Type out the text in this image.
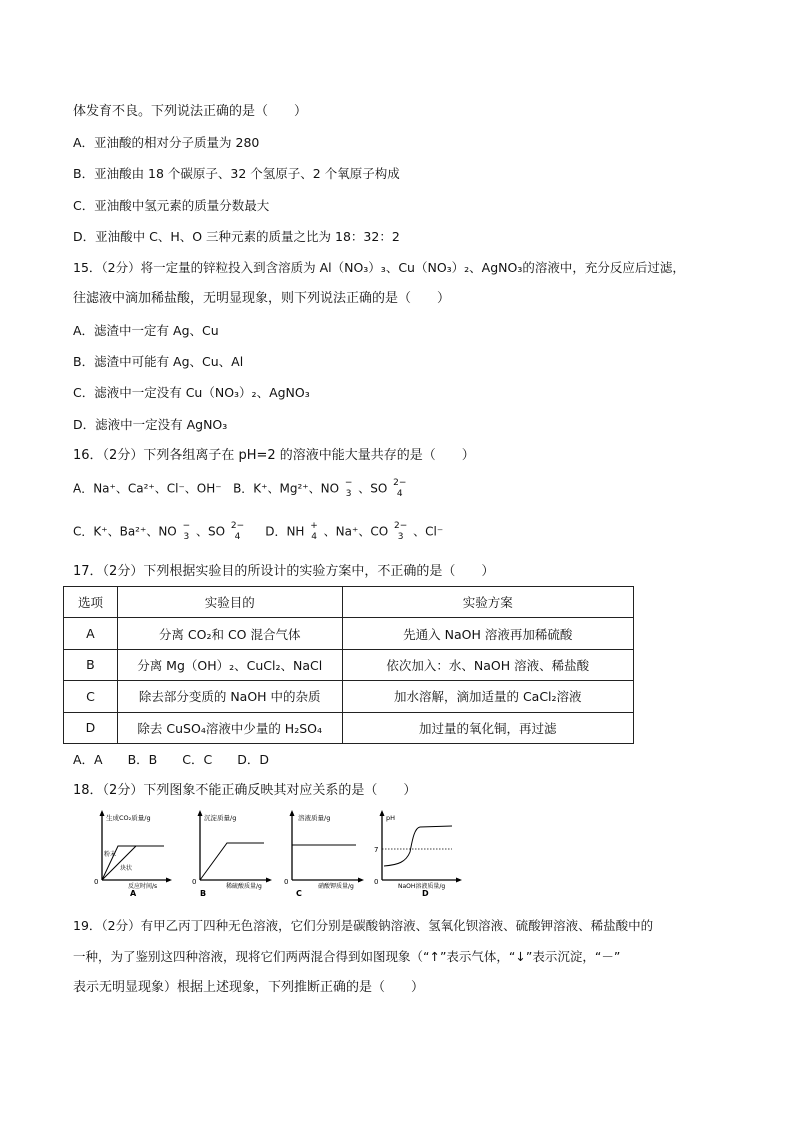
体发育不良。下列说法正确的是（　　）
A．亚油酸的相对分子质量为 280
B．亚油酸由 18 个碳原子、32 个氢原子、2 个氧原子构成
C．亚油酸中氢元素的质量分数最大
D．亚油酸中 C、H、O 三种元素的质量之比为 18：32：2
15．（2分）将一定量的锌粒投入到含溶质为 Al（NO₃）₃、Cu（NO₃）₂、AgNO₃的溶液中，充分反应后过滤，
往滤液中滴加稀盐酸，无明显现象，则下列说法正确的是（　　）
A．滤渣中一定有 Ag、Cu
B．滤渣中可能有 Ag、Cu、Al
C．滤液中一定没有 Cu（NO₃）₂、AgNO₃
D．滤液中一定没有 AgNO₃
16．（2分）下列各组离子在 pH=2 的溶液中能大量共存的是（　　）
A．Na⁺、Ca²⁺、Cl⁻、OH⁻ B．K⁺、Mg²⁺、NO −
3 、SO 2−
4
C．K⁺、Ba²⁺、NO −
3 、SO 2−
4	D．NH +
4 、Na⁺、CO 2−
3 、Cl⁻
17．（2分）下列根据实验目的所设计的实验方案中，不正确的是（　　）
选项	实验目的	实验方案
A	分离 CO₂和 CO 混合气体	先通入 NaOH 溶液再加稀硫酸
B	分离 Mg（OH）₂、CuCl₂、NaCl	依次加入：水、NaOH 溶液、稀盐酸
C	除去部分变质的 NaOH 中的杂质	加水溶解，滴加适量的 CaCl₂溶液
D	除去 CuSO₄溶液中少量的 H₂SO₄	加过量的氧化铜，再过滤
A．A　　B．B　　C．C　　D．D
18．（2分）下列图象不能正确反映其对应关系的是（　　）
生成CO₂质量/g
粉末
块状
0
反应时间/s
A
沉淀质量/g
0
稀硫酸质量/g
B
溶液质量/g
0
硝酸钾质量/g
C
pH
7
0
NaOH溶液质量/g
D
19．（2分）有甲乙丙丁四种无色溶液，它们分别是碳酸钠溶液、氢氧化钡溶液、硫酸钾溶液、稀盐酸中的
一种，为了鉴别这四种溶液，现将它们两两混合得到如图现象（“↑”表示气体，“↓”表示沉淀，“－”
表示无明显现象）根据上述现象，下列推断正确的是（　　）
